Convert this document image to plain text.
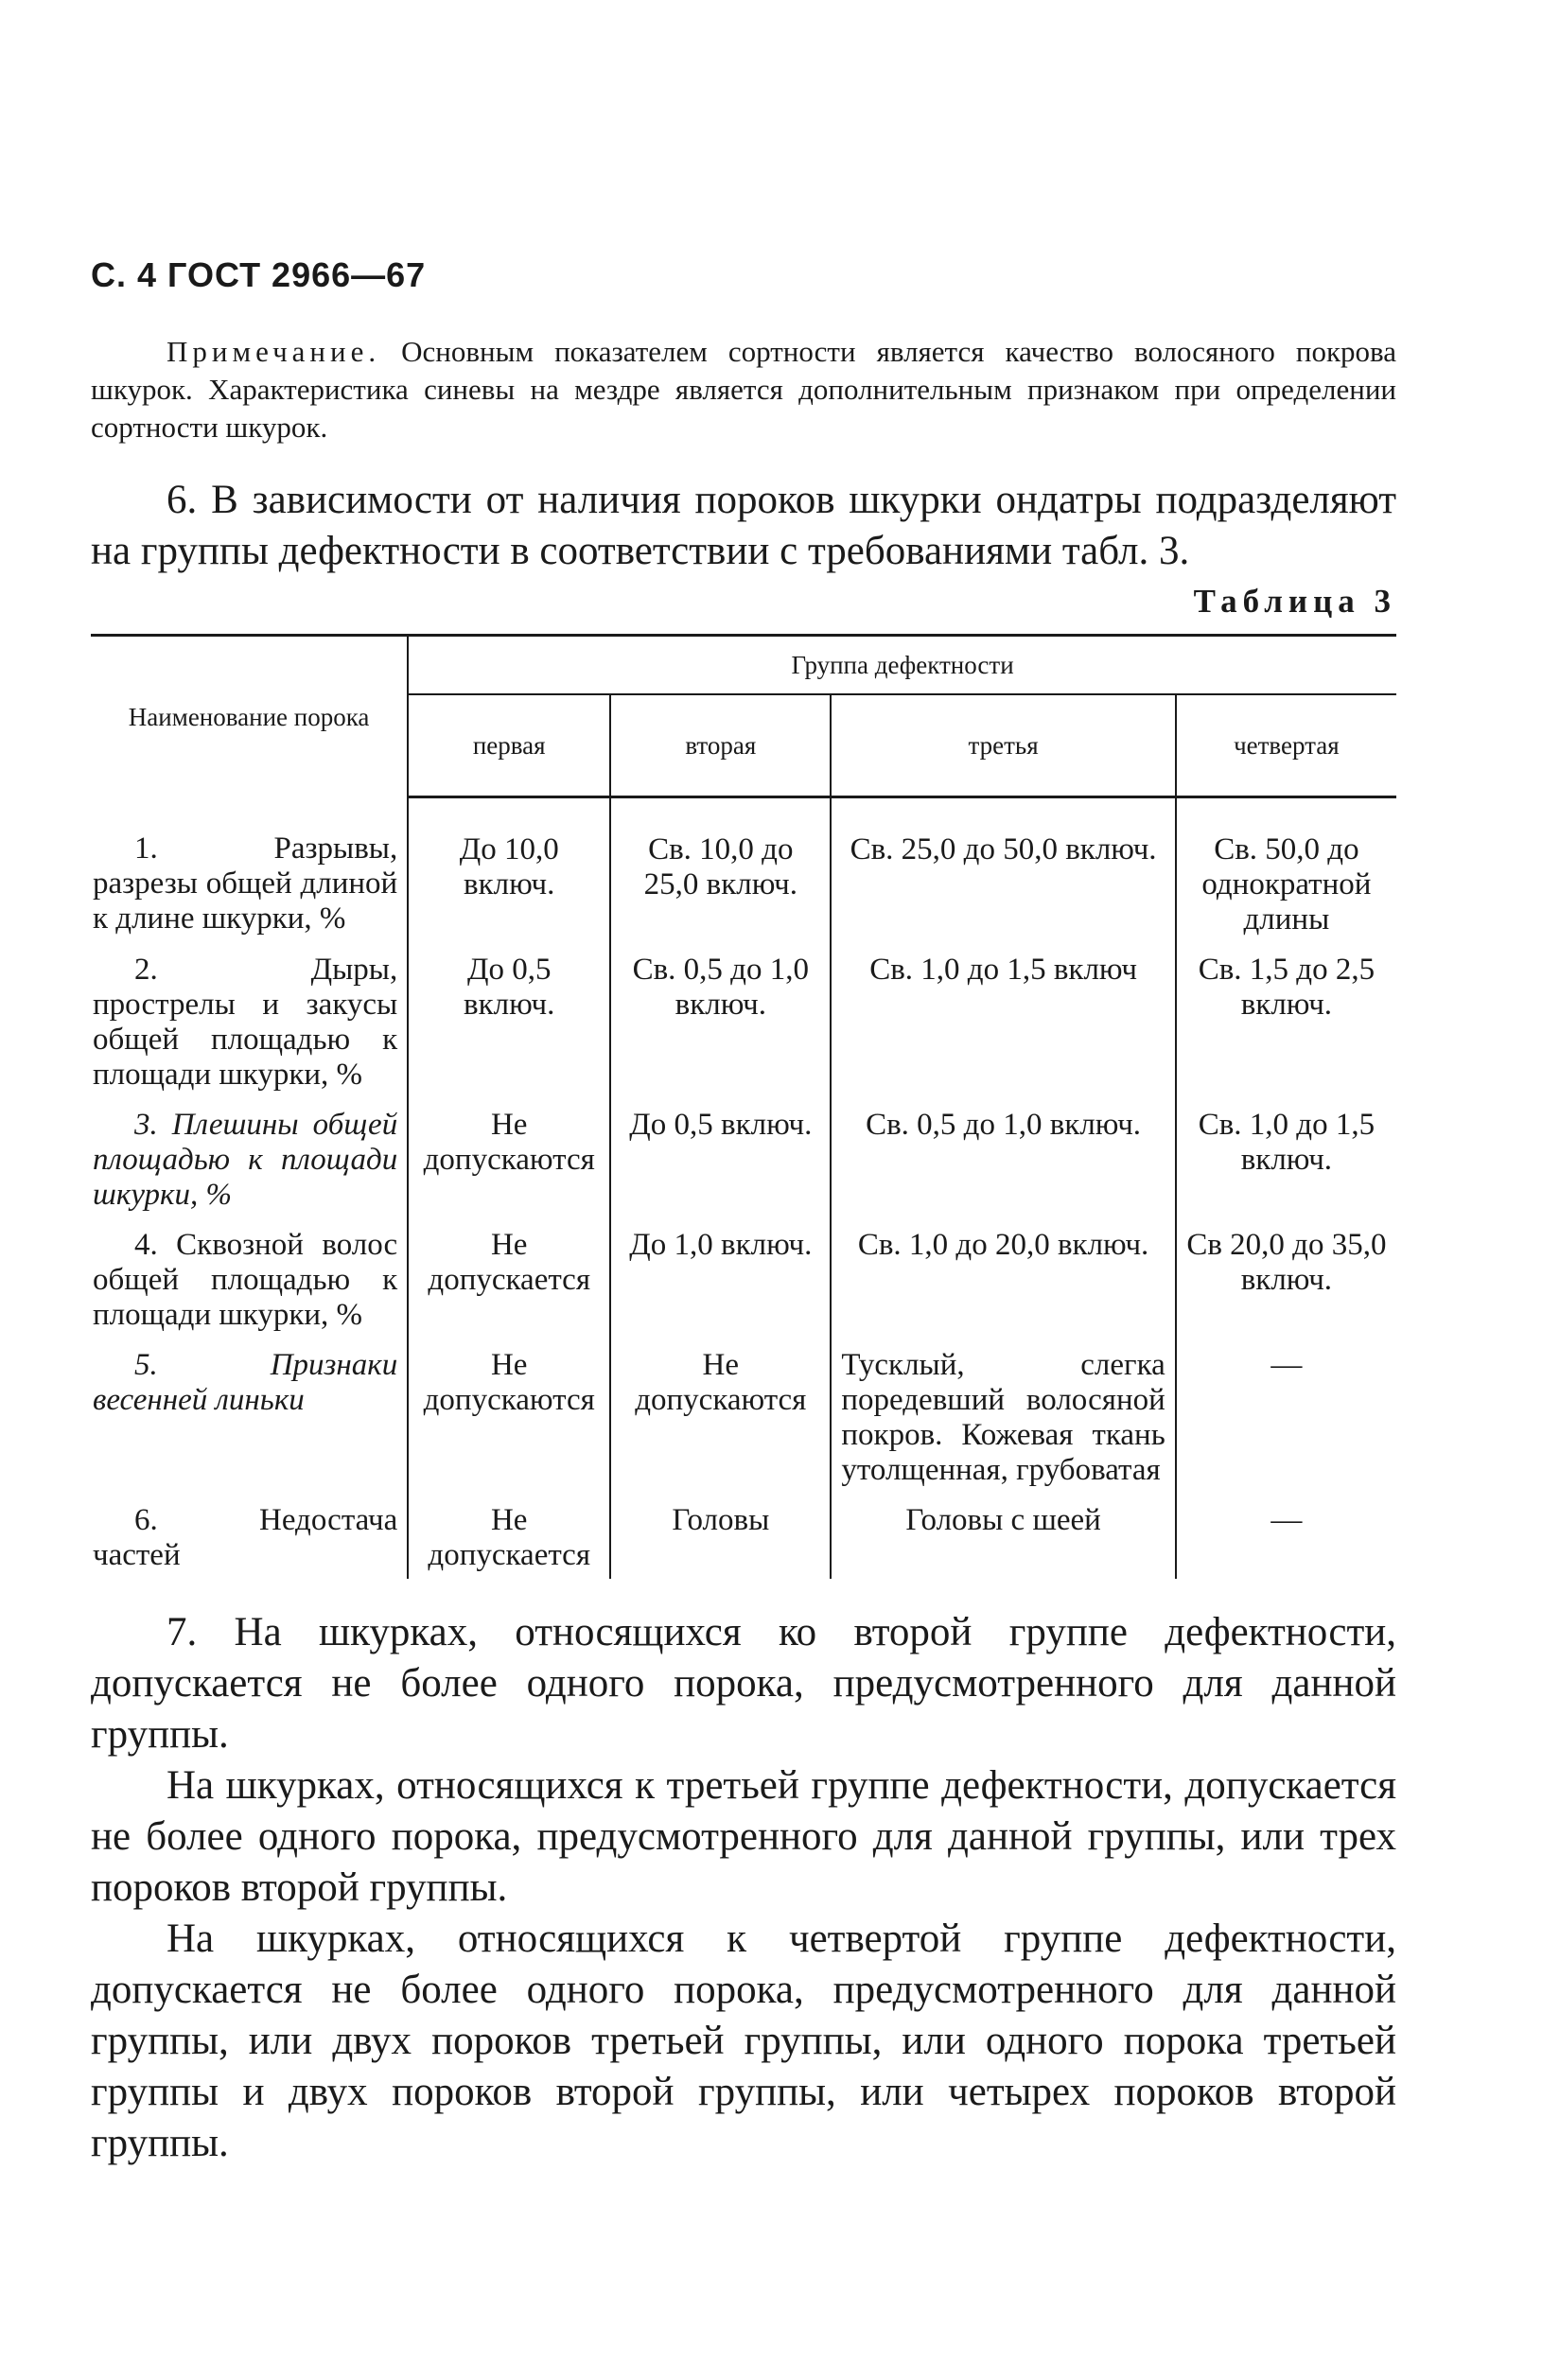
С. 4 ГОСТ 2966—67

Примечание. Основным показателем сортности является качество волосяного покрова шкурок. Характеристика синевы на мездре является дополнительным признаком при определении сортности шкурок.

6. В зависимости от наличия пороков шкурки ондатры подразделяют на группы дефектности в соответствии с требованиями табл. 3.

Таблица 3
Наименование порока	Группа дефектности			
	первая	вторая	третья	четвертая
1. Разрывы, разрезы общей длиной к длине шкурки, %	До 10,0 включ.	Св. 10,0 до 25,0 включ.	Св. 25,0 до 50,0 включ.	Св. 50,0 до однократной длины
2. Дыры, прострелы и закусы общей площадью к площади шкурки, %	До 0,5 включ.	Св. 0,5 до 1,0 включ.	Св. 1,0 до 1,5 включ	Св. 1,5 до 2,5 включ.
3. Плешины общей площадью к площади шкурки, %	Не допускаются	До 0,5 включ.	Св. 0,5 до 1,0 включ.	Св. 1,0 до 1,5 включ.
4. Сквозной волос общей площадью к площади шкурки, %	Не допускается	До 1,0 включ.	Св. 1,0 до 20,0 включ.	Св 20,0 до 35,0 включ.
5. Признаки весенней линьки	Не допускаются	Не допускаются	Тусклый, слегка поредевший волосяной покров. Кожевая ткань утолщенная, грубоватая	—
6. Недостача частей	Не допускается	Головы	Головы с шеей	—

7. На шкурках, относящихся ко второй группе дефектности, допускается не более одного порока, предусмотренного для данной группы.

На шкурках, относящихся к третьей группе дефектности, допускается не более одного порока, предусмотренного для данной группы, или трех пороков второй группы.

На шкурках, относящихся к четвертой группе дефектности, допускается не более одного порока, предусмотренного для данной группы, или двух пороков третьей группы, или одного порока третьей группы и двух пороков второй группы, или четырех пороков второй группы.
